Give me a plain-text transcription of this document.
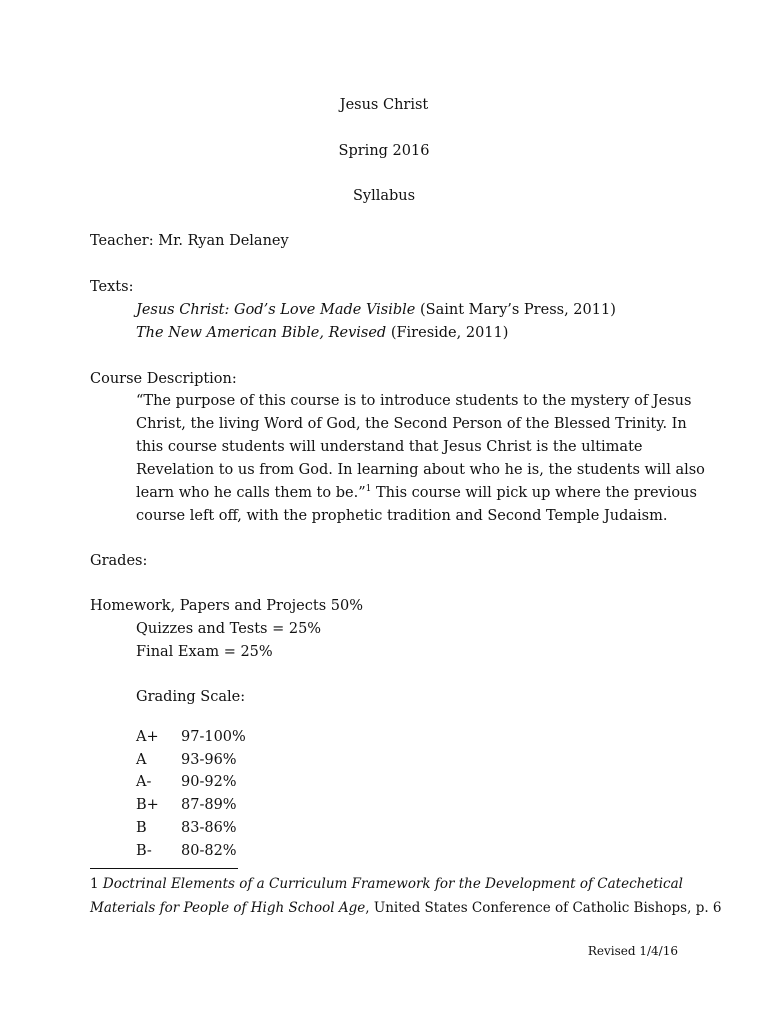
Jesus Christ
Spring 2016
Syllabus
Teacher: Mr. Ryan Delaney
Texts:
Jesus Christ: God’s Love Made Visible (Saint Mary’s Press, 2011)
The New American Bible, Revised (Fireside, 2011)
Course Description:
“The purpose of this course is to introduce students to the mystery of Jesus
Christ, the living Word of God, the Second Person of the Blessed Trinity. In
this course students will understand that Jesus Christ is the ultimate
Revelation to us from God. In learning about who he is, the students will also
learn who he calls them to be.”$^1$ This course will pick up where the previous
course left off, with the prophetic tradition and Second Temple Judaism.
Grades:
Homework, Papers and Projects 50%
Quizzes and Tests = 25%
Final Exam = 25%
Grading Scale:
A+ 97-100%
A 93-96%
A- 90-92%
B+ 87-89%
B 83-86%
B- 80-82%
1 Doctrinal Elements of a Curriculum Framework for the Development of Catechetical
Materials for People of High School Age, United States Conference of Catholic Bishops, p. 6
Revised 1/4/16
